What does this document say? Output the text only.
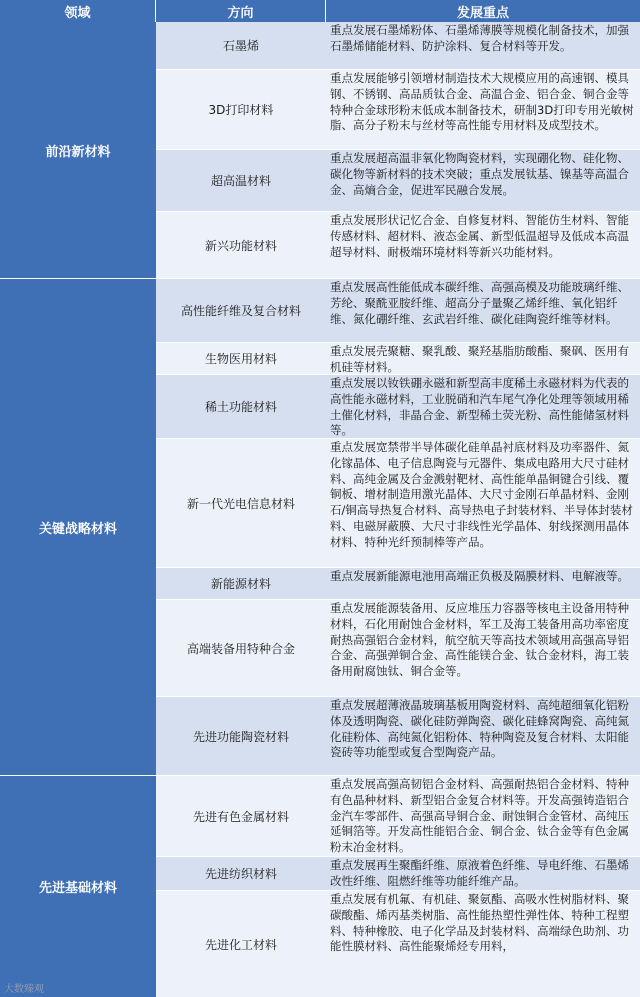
领域	方向	发展重点
前沿新材料
关键战略材料
先进基础材料
石墨烯
重点发展石墨烯粉体、石墨烯薄膜等规模化制备技术，加强石墨烯储能材料、防护涂料、复合材料等开发。
3D打印材料
重点发展能够引领增材制造技术大规模应用的高速钢、模具钢、不锈钢、高品质钛合金、高温合金、铝合金、铜合金等特种合金球形粉末低成本制备技术，研制3D打印专用光敏树脂、高分子粉末与丝材等高性能专用材料及成型技术。
超高温材料
重点发展超高温非氧化物陶瓷材料，实现硼化物、硅化物、碳化物等新材料的技术突破；重点发展钛基、镍基等高温合金、高熵合金，促进军民融合发展。
新兴功能材料
重点发展形状记忆合金、自修复材料、智能仿生材料、智能传感材料、超材料、液态金属、新型低温超导及低成本高温超导材料、耐极端环境材料等新兴功能材料。
高性能纤维及复合材料
重点发展高性能低成本碳纤维、高强高模及功能玻璃纤维、芳纶、聚酰亚胺纤维、超高分子量聚乙烯纤维、氧化铝纤维、氮化硼纤维、玄武岩纤维、碳化硅陶瓷纤维等材料。
生物医用材料
重点发展壳聚糖、聚乳酸、聚羟基脂肪酸酯、聚砜、医用有机硅等材料。
稀土功能材料
重点发展以钕铁硼永磁和新型高丰度稀土永磁材料为代表的高性能永磁材料，工业脱硝和汽车尾气净化处理等领域用稀土催化材料，非晶合金、新型稀土荧光粉、高性能储氢材料等。
新一代光电信息材料
重点发展宽禁带半导体碳化硅单晶衬底材料及功率器件、氮化镓晶体、电子信息陶瓷与元器件、集成电路用大尺寸硅材料、高纯金属及合金溅射靶材、高性能单晶铜键合引线、覆铜板、增材制造用激光晶体、大尺寸金刚石单晶材料、金刚石/铜高导热复合材料、高导热电子封装材料、半导体封装材料、电磁屏蔽膜、大尺寸非线性光学晶体、射线探测用晶体材料、特种光纤预制棒等产品。
新能源材料
重点发展新能源电池用高端正负极及隔膜材料、电解液等。
高端装备用特种合金
重点发展能源装备用、反应堆压力容器等核电主设备用特种材料，石化用耐蚀合金材料，军工及海工装备用高功率密度耐热高强铝合金材料，航空航天等高技术领域用高强高导铝合金、高强弹铜合金、高性能镁合金、钛合金材料，海工装备用耐腐蚀钛、铜合金等。
先进功能陶瓷材料
重点发展超薄液晶玻璃基板用陶瓷材料、高纯超细氧化铝粉体及透明陶瓷、碳化硅防弹陶瓷、碳化硅蜂窝陶瓷、高纯氮化硅粉体、高纯氮化铝粉体、特种陶瓷及复合材料、太阳能瓷砖等功能型或复合型陶瓷产品。
先进有色金属材料
重点发展高强高韧铝合金材料、高强耐热铝合金材料、特种有色晶种材料、新型铝合金复合材料等。开发高强铸造铝合金汽车零部件、高强高导铜合金、耐蚀铜合金管材、高纯压延铜箔等。开发高性能铝合金、铜合金、钛合金等有色金属粉末冶金材料。
先进纺织材料
重点发展再生聚酯纤维、原液着色纤维、导电纤维、石墨烯改性纤维、阻燃纤维等功能纤维产品。
先进化工材料
重点发展有机氟、有机硅、聚氨酯、高吸水性树脂材料、聚碳酸酯、烯丙基类树脂、高性能热塑性弹性体、特种工程塑料、特种橡胶、电子化学品及封装材料、高端绿色助剂、功能性膜材料、高性能聚烯烃专用料，
大数臻观
